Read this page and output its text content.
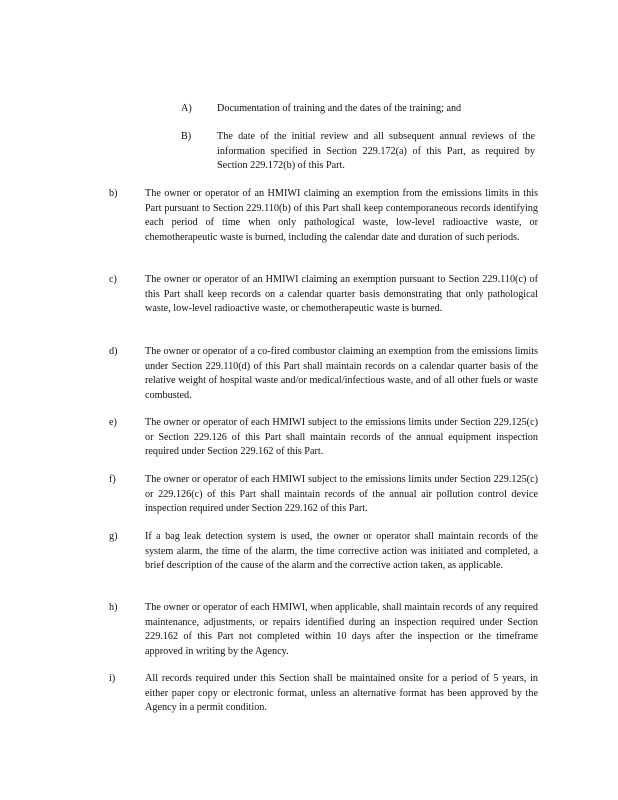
A) Documentation of training and the dates of the training; and
B)	The date of the initial review and all subsequent annual reviews of the information specified in Section 229.172(a) of this Part, as required by Section 229.172(b) of this Part.
b)	The owner or operator of an HMIWI claiming an exemption from the emissions limits in this Part pursuant to Section 229.110(b) of this Part shall keep contemporaneous records identifying each period of time when only pathological waste, low-level radioactive waste, or chemotherapeutic waste is burned, including the calendar date and duration of such periods.
c)	The owner or operator of an HMIWI claiming an exemption pursuant to Section 229.110(c) of this Part shall keep records on a calendar quarter basis demonstrating that only pathological waste, low-level radioactive waste, or chemotherapeutic waste is burned.
d)	The owner or operator of a co-fired combustor claiming an exemption from the emissions limits under Section 229.110(d) of this Part shall maintain records on a calendar quarter basis of the relative weight of hospital waste and/or medical/infectious waste, and of all other fuels or waste combusted.
e)	The owner or operator of each HMIWI subject to the emissions limits under Section 229.125(c) or Section 229.126 of this Part shall maintain records of the annual equipment inspection required under Section 229.162 of this Part.
f)	The owner or operator of each HMIWI subject to the emissions limits under Section 229.125(c) or 229.126(c) of this Part shall maintain records of the annual air pollution control device inspection required under Section 229.162 of this Part.
g)	If a bag leak detection system is used, the owner or operator shall maintain records of the system alarm, the time of the alarm, the time corrective action was initiated and completed, a brief description of the cause of the alarm and the corrective action taken, as applicable.
h)	The owner or operator of each HMIWI, when applicable, shall maintain records of any required maintenance, adjustments, or repairs identified during an inspection required under Section 229.162 of this Part not completed within 10 days after the inspection or the timeframe approved in writing by the Agency.
i)	All records required under this Section shall be maintained onsite for a period of 5 years, in either paper copy or electronic format, unless an alternative format has been approved by the Agency in a permit condition.
